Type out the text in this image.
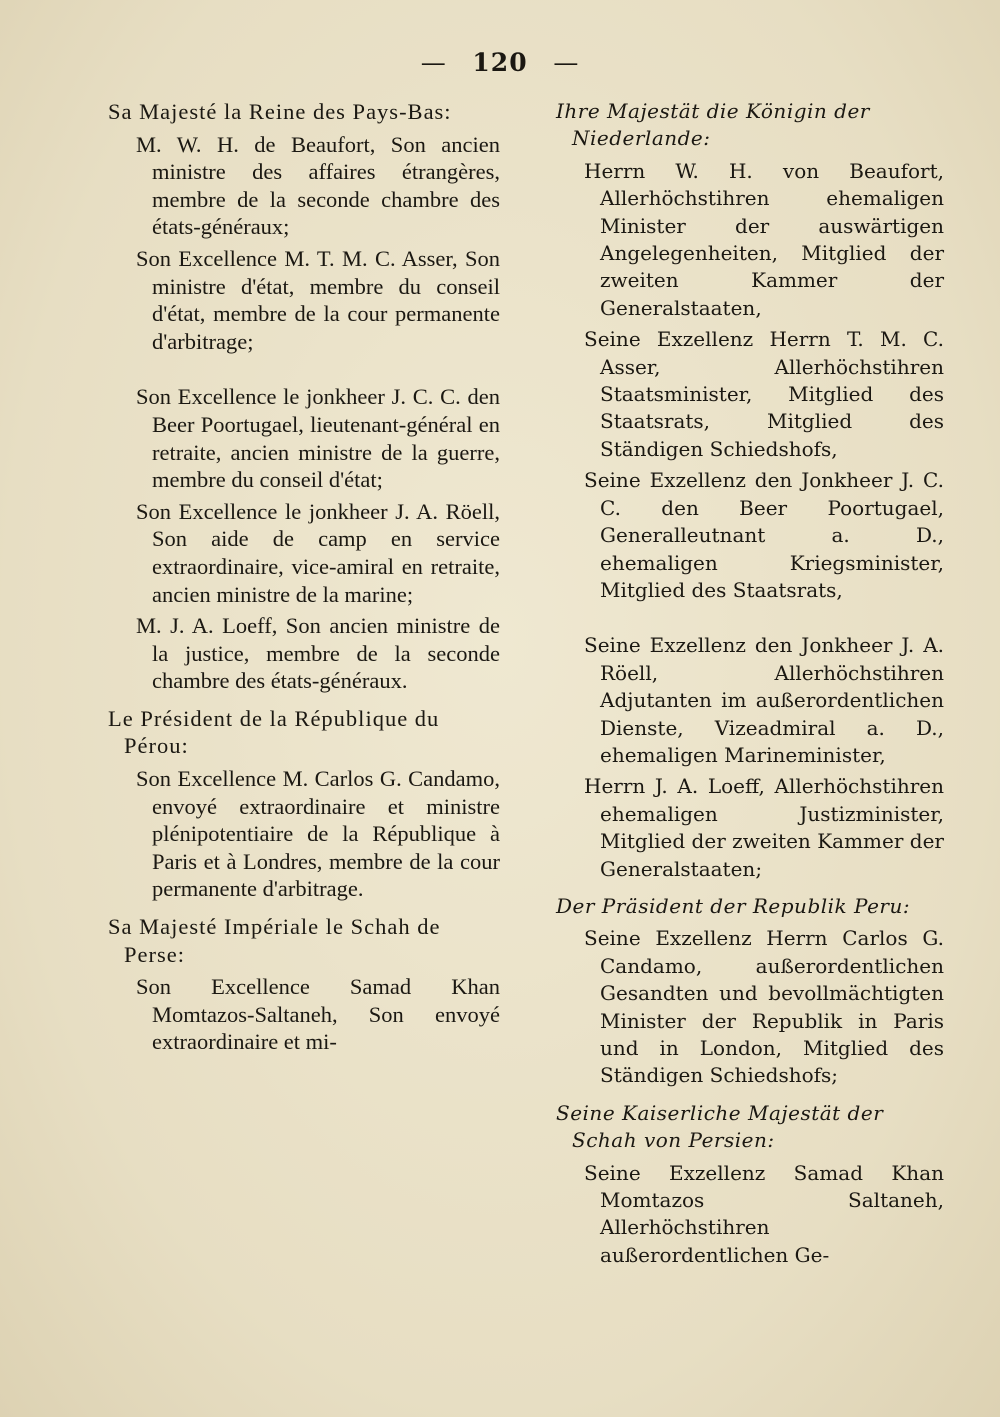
— 120 —

Sa Majesté la Reine des Pays-Bas:

M. W. H. de Beaufort, Son ancien ministre des affaires étrangères, membre de la seconde chambre des états-généraux;

Son Excellence M. T. M. C. Asser, Son ministre d'état, membre du conseil d'état, membre de la cour permanente d'arbitrage;

Son Excellence le jonkheer J. C. C. den Beer Poortugael, lieutenant-général en retraite, ancien ministre de la guerre, membre du conseil d'état;

Son Excellence le jonkheer J. A. Röell, Son aide de camp en service extraordinaire, vice-amiral en retraite, ancien ministre de la marine;

M. J. A. Loeff, Son ancien ministre de la justice, membre de la seconde chambre des états-généraux.

Le Président de la République du Pérou:

Son Excellence M. Carlos G. Candamo, envoyé extraordinaire et ministre plénipotentiaire de la République à Paris et à Londres, membre de la cour permanente d'arbitrage.

Sa Majesté Impériale le Schah de Perse:

Son Excellence Samad Khan Momtazos-Saltaneh, Son envoyé extraordinaire et mi-

Ihre Majestät die Königin der Niederlande:

Herrn W. H. von Beaufort, Allerhöchstihren ehemaligen Minister der auswärtigen Angelegenheiten, Mitglied der zweiten Kammer der Generalstaaten,

Seine Exzellenz Herrn T. M. C. Asser, Allerhöchstihren Staatsminister, Mitglied des Staatsrats, Mitglied des Ständigen Schiedshofs,

Seine Exzellenz den Jonkheer J. C. C. den Beer Poortugael, Generalleutnant a. D., ehemaligen Kriegsminister, Mitglied des Staatsrats,

Seine Exzellenz den Jonkheer J. A. Röell, Allerhöchstihren Adjutanten im außerordentlichen Dienste, Vizeadmiral a. D., ehemaligen Marineminister,

Herrn J. A. Loeff, Allerhöchstihren ehemaligen Justizminister, Mitglied der zweiten Kammer der Generalstaaten;

Der Präsident der Republik Peru:

Seine Exzellenz Herrn Carlos G. Candamo, außerordentlichen Gesandten und bevollmächtigten Minister der Republik in Paris und in London, Mitglied des Ständigen Schiedshofs;

Seine Kaiserliche Majestät der Schah von Persien:

Seine Exzellenz Samad Khan Momtazos Saltaneh, Allerhöchstihren außerordentlichen Ge-
